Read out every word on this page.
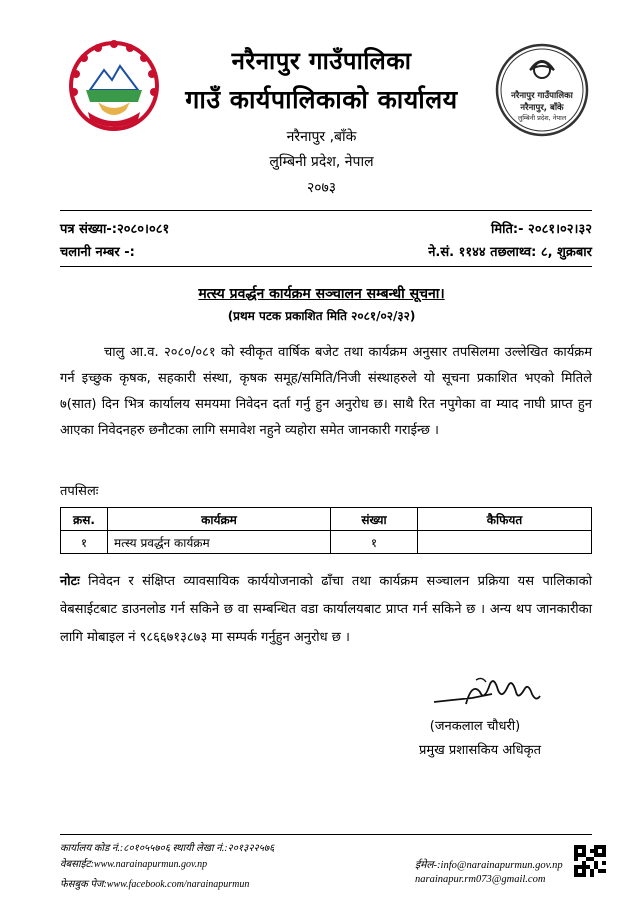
नरैनापुर गाउँपालिका
गाउँ कार्यपालिकाको कार्यालय
नरैनापुर ,बाँके
लुम्बिनी प्रदेश, नेपाल
२०७३
नरैनापुर गाउँपालिका
नरैनापुर, बाँके
लुम्बिनी प्रदेश, नेपाल
पत्र संख्या-:२०८०।०८१
चलानी नम्बर -:
मिति:- २०८१।०२।३२
ने.सं. ११४४ तछलाथ्व: ८, शुक्रबार
मत्स्य प्रवर्द्धन कार्यक्रम सञ्चालन सम्बन्धी सूचना।
(प्रथम पटक प्रकाशित मिति २०८१/०२/३२)
चालु आ.व. २०८०/०८१ को स्वीकृत वार्षिक बजेट तथा कार्यक्रम अनुसार तपसिलमा उल्लेखित कार्यक्रम गर्न इच्छुक कृषक, सहकारी संस्था, कृषक समूह/समिति/निजी संस्थाहरुले यो सूचना प्रकाशित भएको मितिले ७(सात) दिन भित्र कार्यालय समयमा निवेदन दर्ता गर्नु हुन अनुरोध छ। साथै रित नपुगेका वा म्याद नाघी प्राप्त हुन आएका निवेदनहरु छनौटका लागि समावेश नहुने व्यहोरा समेत जानकारी गराईन्छ ।
तपसिलः
क्रस.	कार्यक्रम	संख्या	कैफियत
१	मत्स्य प्रवर्द्धन कार्यक्रम	१	
नोटः निवेदन र संक्षिप्त व्यावसायिक कार्ययोजनाको ढाँचा तथा कार्यक्रम सञ्चालन प्रक्रिया यस पालिकाको वेबसाईटबाट डाउनलोड गर्न सकिने छ वा सम्बन्धित वडा कार्यालयबाट प्राप्त गर्न सकिने छ । अन्य थप जानकारीका लागि मोबाइल नं ९८६६७१३८७३ मा सम्पर्क गर्नुहुन अनुरोध छ ।
(जनकलाल चौधरी)
प्रमुख प्रशासकिय अधिकृत
कार्यालय कोड नं.:८०१०५५७०६ स्थायी लेखा नं.:२०१३२२५७६
वेबसाईट:www.narainapurmun.gov.np
फेसबुक पेज:www.facebook.com/narainapurmun
ईमेल-:info@narainapurmun.gov.np
narainapur.rm073@gmail.com
